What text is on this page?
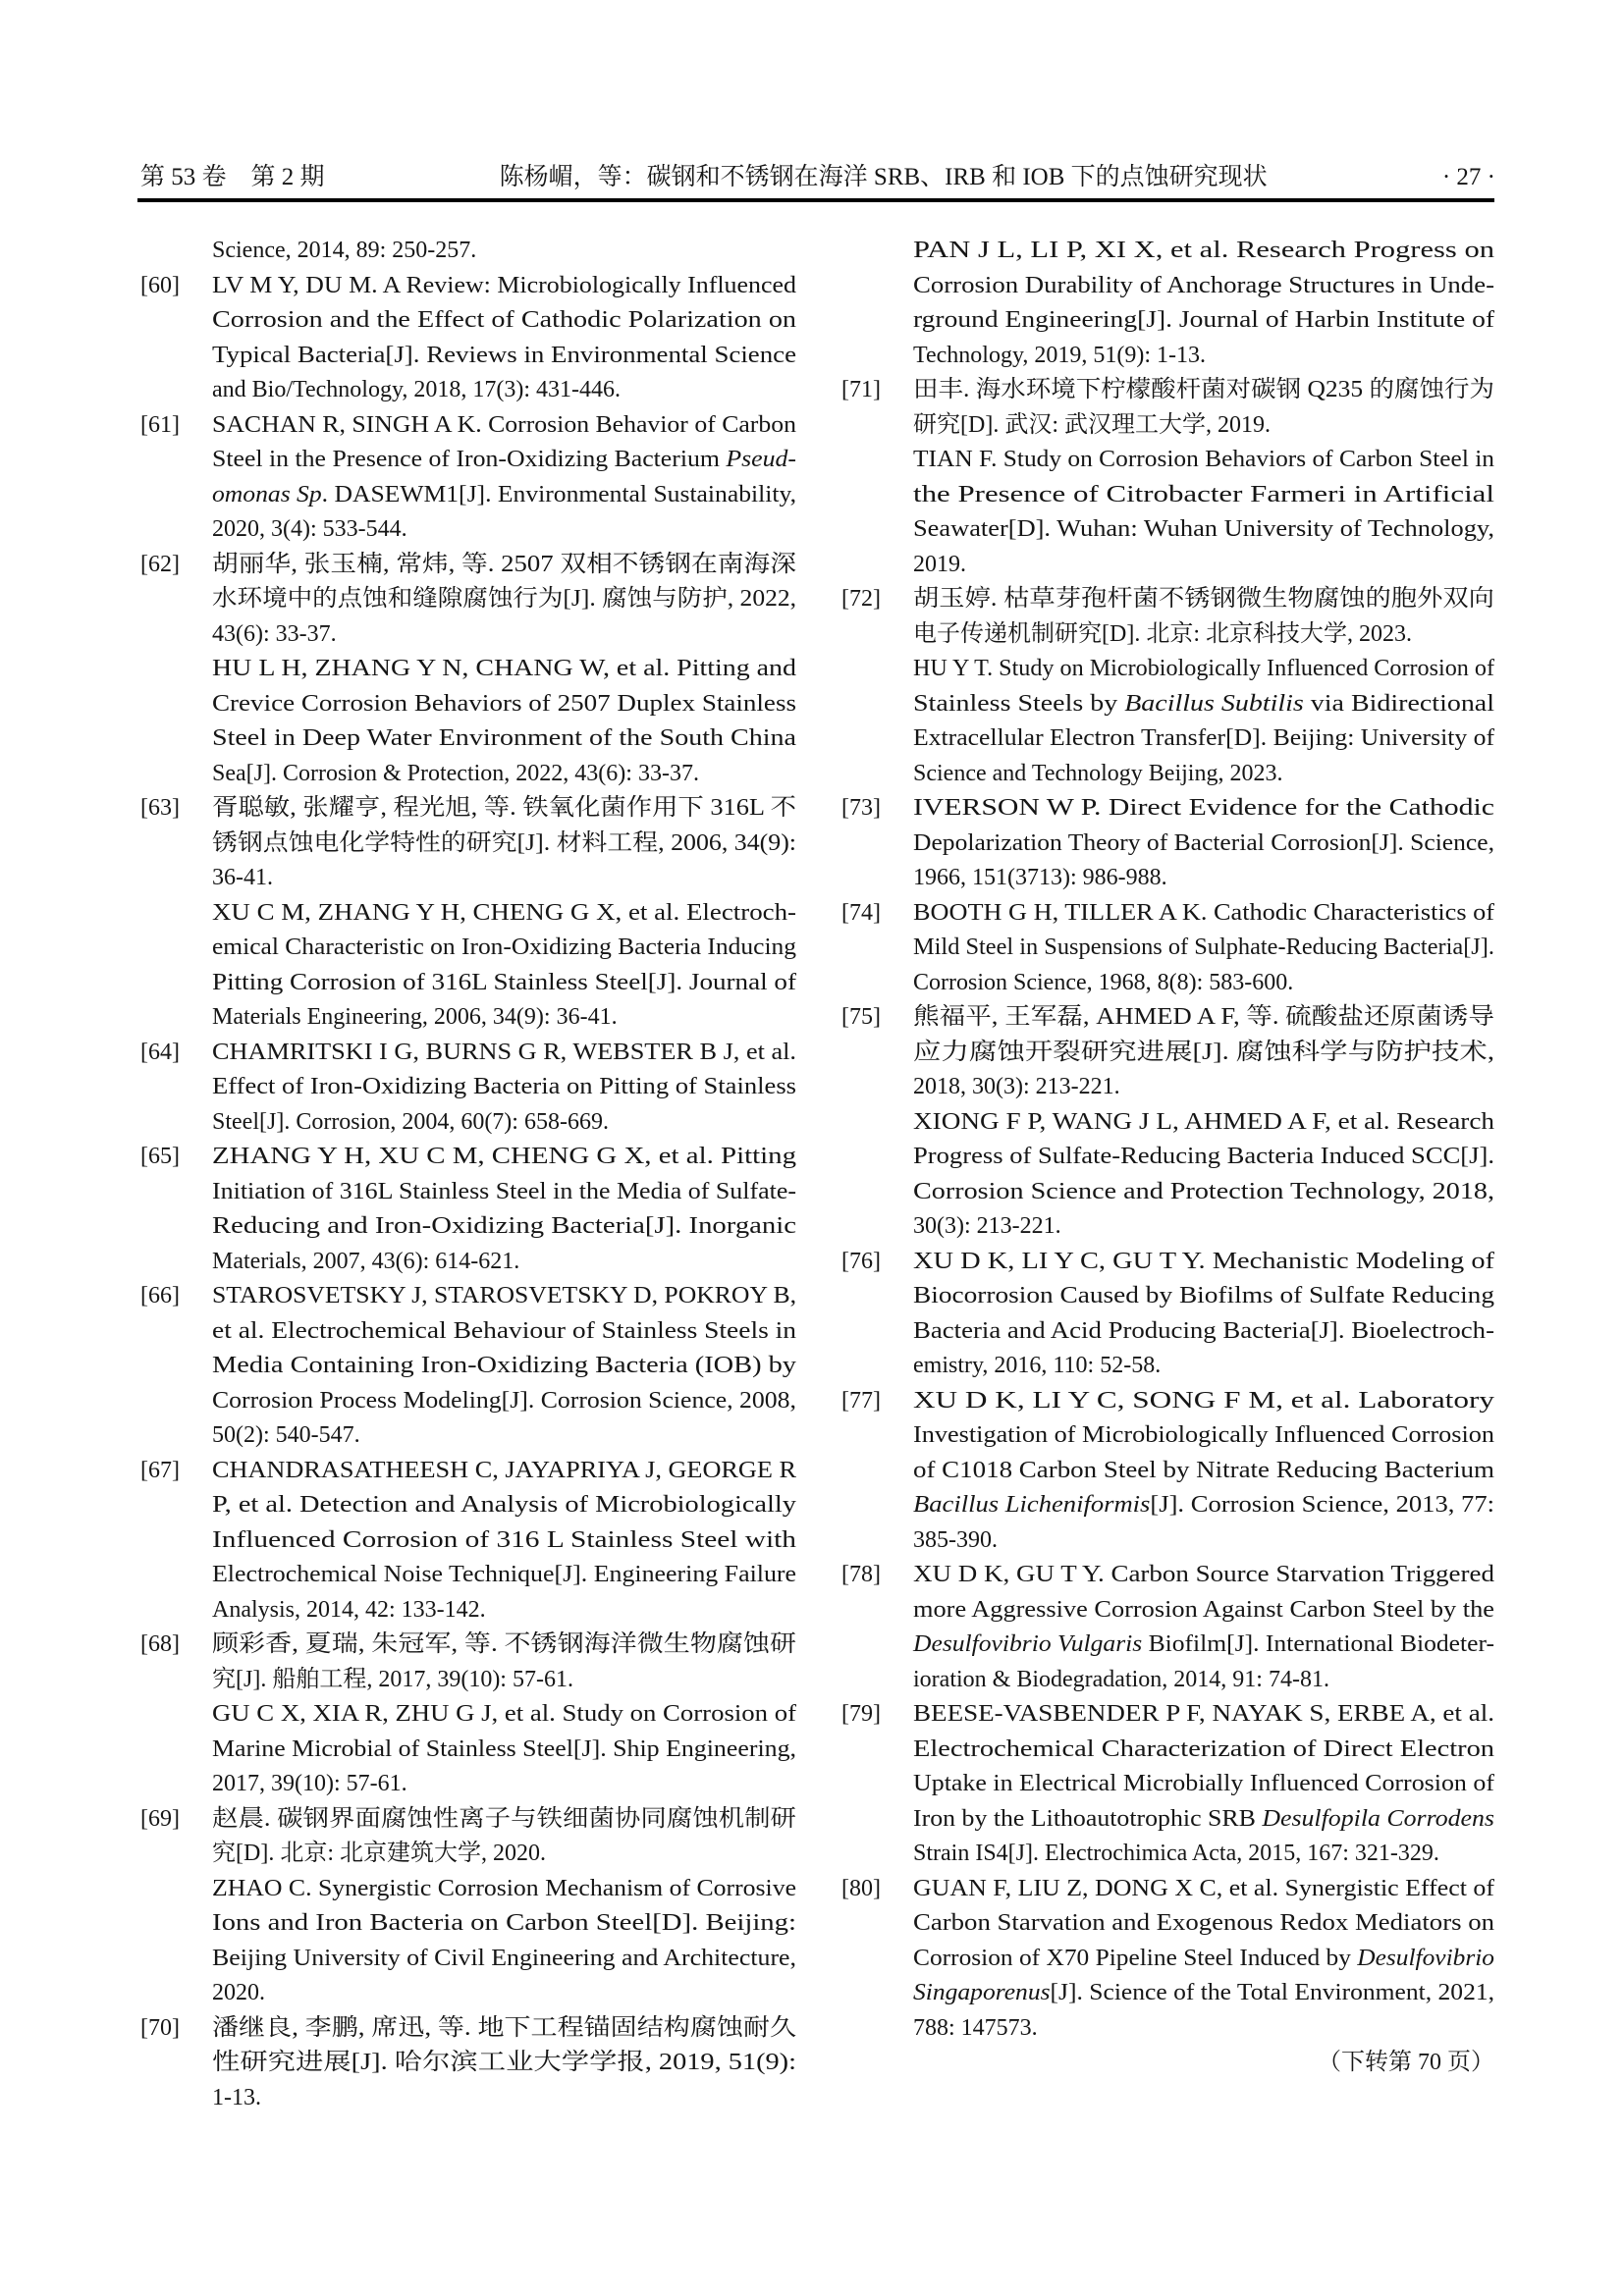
第 53 卷　第 2 期	陈杨嵋，等：碳钢和不锈钢在海洋 SRB、IRB 和 IOB 下的点蚀研究现状	· 27 ·
Science, 2014, 89: 250-257.
[60]	LV M Y, DU M. A Review: Microbiologically Influenced
Corrosion and the Effect of Cathodic Polarization on
Typical Bacteria[J]. Reviews in Environmental Science
and Bio/Technology, 2018, 17(3): 431-446.
[61]	SACHAN R, SINGH A K. Corrosion Behavior of Carbon
Steel in the Presence of Iron-Oxidizing Bacterium Pseud-
omonas Sp. DASEWM1[J]. Environmental Sustainability,
2020, 3(4): 533-544.
[62]	胡丽华, 张玉楠, 常炜, 等. 2507 双相不锈钢在南海深
水环境中的点蚀和缝隙腐蚀行为[J]. 腐蚀与防护, 2022,
43(6): 33-37.
HU L H, ZHANG Y N, CHANG W, et al. Pitting and
Crevice Corrosion Behaviors of 2507 Duplex Stainless
Steel in Deep Water Environment of the South China
Sea[J]. Corrosion & Protection, 2022, 43(6): 33-37.
[63]	胥聪敏, 张耀亨, 程光旭, 等. 铁氧化菌作用下 316L 不
锈钢点蚀电化学特性的研究[J]. 材料工程, 2006, 34(9):
36-41.
XU C M, ZHANG Y H, CHENG G X, et al. Electroch-
emical Characteristic on Iron-Oxidizing Bacteria Inducing
Pitting Corrosion of 316L Stainless Steel[J]. Journal of
Materials Engineering, 2006, 34(9): 36-41.
[64]	CHAMRITSKI I G, BURNS G R, WEBSTER B J, et al.
Effect of Iron-Oxidizing Bacteria on Pitting of Stainless
Steel[J]. Corrosion, 2004, 60(7): 658-669.
[65]	ZHANG Y H, XU C M, CHENG G X, et al. Pitting
Initiation of 316L Stainless Steel in the Media of Sulfate-
Reducing and Iron-Oxidizing Bacteria[J]. Inorganic
Materials, 2007, 43(6): 614-621.
[66]	STAROSVETSKY J, STAROSVETSKY D, POKROY B,
et al. Electrochemical Behaviour of Stainless Steels in
Media Containing Iron-Oxidizing Bacteria (IOB) by
Corrosion Process Modeling[J]. Corrosion Science, 2008,
50(2): 540-547.
[67]	CHANDRASATHEESH C, JAYAPRIYA J, GEORGE R
P, et al. Detection and Analysis of Microbiologically
Influenced Corrosion of 316 L Stainless Steel with
Electrochemical Noise Technique[J]. Engineering Failure
Analysis, 2014, 42: 133-142.
[68]	顾彩香, 夏瑞, 朱冠军, 等. 不锈钢海洋微生物腐蚀研
究[J]. 船舶工程, 2017, 39(10): 57-61.
GU C X, XIA R, ZHU G J, et al. Study on Corrosion of
Marine Microbial of Stainless Steel[J]. Ship Engineering,
2017, 39(10): 57-61.
[69]	赵晨. 碳钢界面腐蚀性离子与铁细菌协同腐蚀机制研
究[D]. 北京: 北京建筑大学, 2020.
ZHAO C. Synergistic Corrosion Mechanism of Corrosive
Ions and Iron Bacteria on Carbon Steel[D]. Beijing:
Beijing University of Civil Engineering and Architecture,
2020.
[70]	潘继良, 李鹏, 席迅, 等. 地下工程锚固结构腐蚀耐久
性研究进展[J]. 哈尔滨工业大学学报, 2019, 51(9):
1-13.
PAN J L, LI P, XI X, et al. Research Progress on
Corrosion Durability of Anchorage Structures in Unde-
rground Engineering[J]. Journal of Harbin Institute of
Technology, 2019, 51(9): 1-13.
[71]	田丰. 海水环境下柠檬酸杆菌对碳钢 Q235 的腐蚀行为
研究[D]. 武汉: 武汉理工大学, 2019.
TIAN F. Study on Corrosion Behaviors of Carbon Steel in
the Presence of Citrobacter Farmeri in Artificial
Seawater[D]. Wuhan: Wuhan University of Technology,
2019.
[72]	胡玉婷. 枯草芽孢杆菌不锈钢微生物腐蚀的胞外双向
电子传递机制研究[D]. 北京: 北京科技大学, 2023.
HU Y T. Study on Microbiologically Influenced Corrosion of
Stainless Steels by Bacillus Subtilis via Bidirectional
Extracellular Electron Transfer[D]. Beijing: University of
Science and Technology Beijing, 2023.
[73]	IVERSON W P. Direct Evidence for the Cathodic
Depolarization Theory of Bacterial Corrosion[J]. Science,
1966, 151(3713): 986-988.
[74]	BOOTH G H, TILLER A K. Cathodic Characteristics of
Mild Steel in Suspensions of Sulphate-Reducing Bacteria[J].
Corrosion Science, 1968, 8(8): 583-600.
[75]	熊福平, 王军磊, AHMED A F, 等. 硫酸盐还原菌诱导
应力腐蚀开裂研究进展[J]. 腐蚀科学与防护技术,
2018, 30(3): 213-221.
XIONG F P, WANG J L, AHMED A F, et al. Research
Progress of Sulfate-Reducing Bacteria Induced SCC[J].
Corrosion Science and Protection Technology, 2018,
30(3): 213-221.
[76]	XU D K, LI Y C, GU T Y. Mechanistic Modeling of
Biocorrosion Caused by Biofilms of Sulfate Reducing
Bacteria and Acid Producing Bacteria[J]. Bioelectroch-
emistry, 2016, 110: 52-58.
[77]	XU D K, LI Y C, SONG F M, et al. Laboratory
Investigation of Microbiologically Influenced Corrosion
of C1018 Carbon Steel by Nitrate Reducing Bacterium
Bacillus Licheniformis[J]. Corrosion Science, 2013, 77:
385-390.
[78]	XU D K, GU T Y. Carbon Source Starvation Triggered
more Aggressive Corrosion Against Carbon Steel by the
Desulfovibrio Vulgaris Biofilm[J]. International Biodeter-
ioration & Biodegradation, 2014, 91: 74-81.
[79]	BEESE-VASBENDER P F, NAYAK S, ERBE A, et al.
Electrochemical Characterization of Direct Electron
Uptake in Electrical Microbially Influenced Corrosion of
Iron by the Lithoautotrophic SRB Desulfopila Corrodens
Strain IS4[J]. Electrochimica Acta, 2015, 167: 321-329.
[80]	GUAN F, LIU Z, DONG X C, et al. Synergistic Effect of
Carbon Starvation and Exogenous Redox Mediators on
Corrosion of X70 Pipeline Steel Induced by Desulfovibrio
Singaporenus[J]. Science of the Total Environment, 2021,
788: 147573.
（下转第 70 页）
